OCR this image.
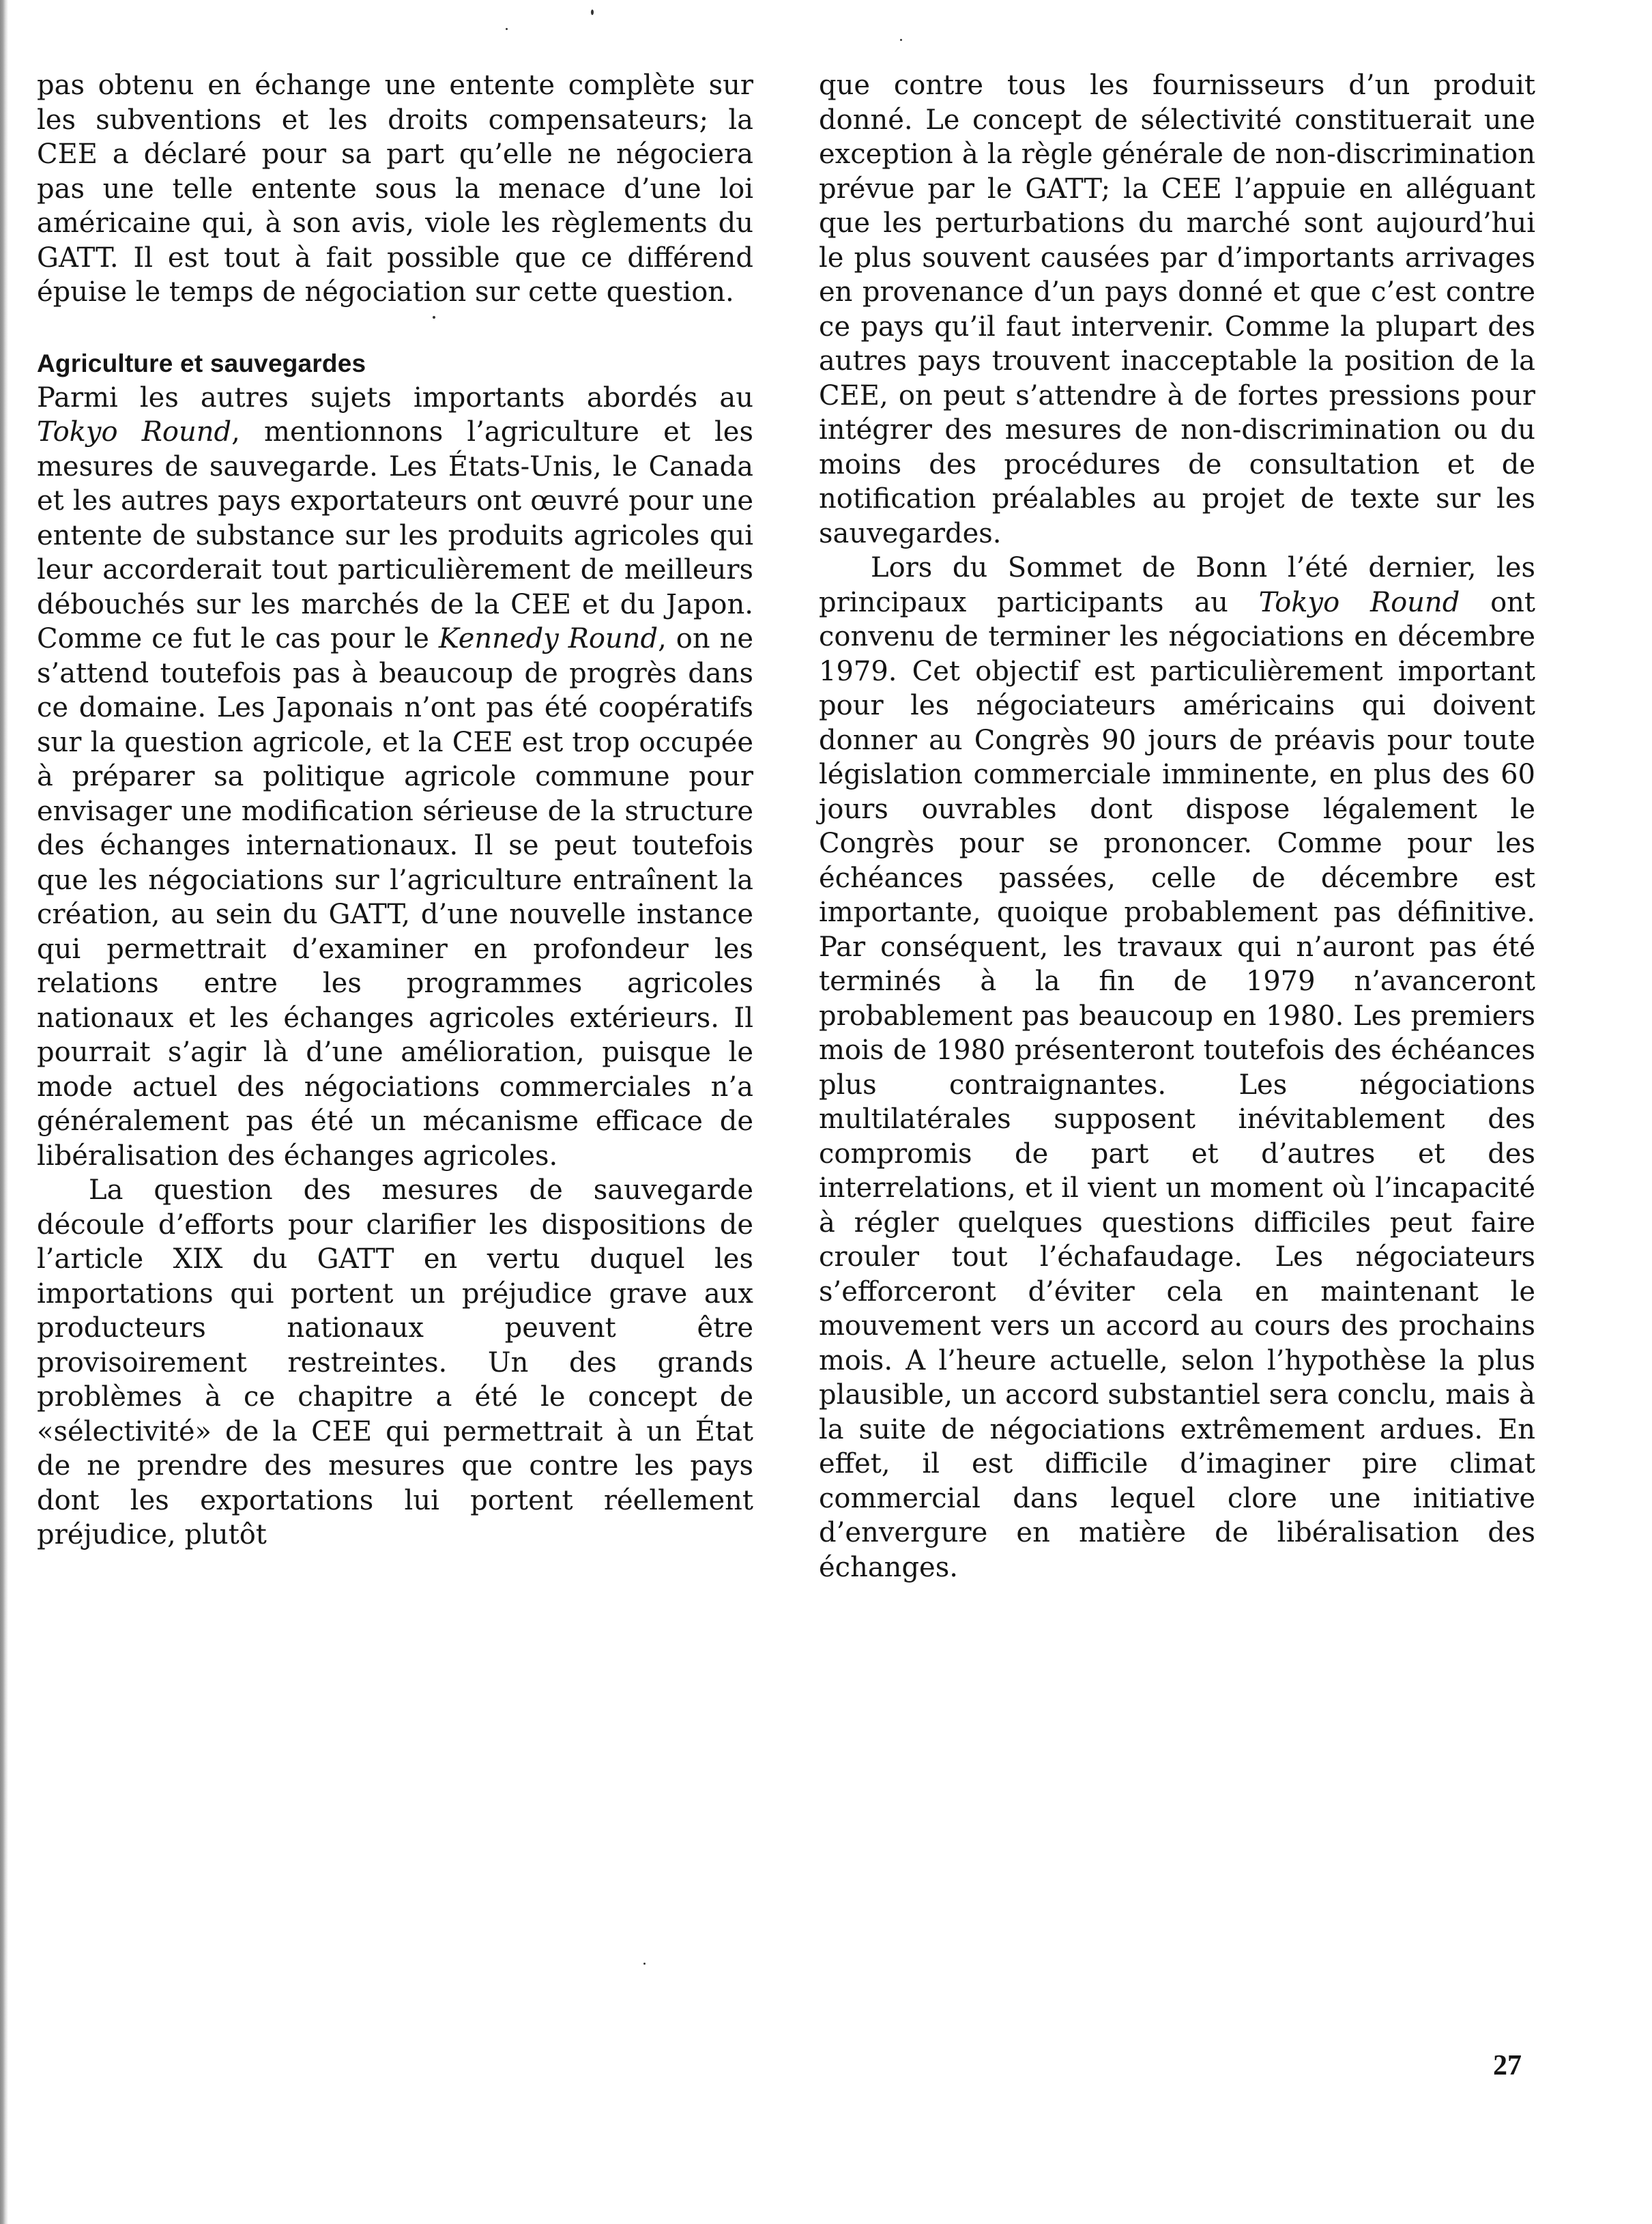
pas obtenu en échange une entente complète sur les subventions et les droits compensateurs; la CEE a déclaré pour sa part qu’elle ne négociera pas une telle entente sous la menace d’une loi américaine qui, à son avis, viole les règlements du GATT. Il est tout à fait possible que ce différend épuise le temps de négociation sur cette question.

Agriculture et sauvegardes

Parmi les autres sujets importants abordés au Tokyo Round, mentionnons l’agriculture et les mesures de sauvegarde. Les États-Unis, le Canada et les autres pays exportateurs ont œuvré pour une entente de substance sur les produits agricoles qui leur accorderait tout particulièrement de meilleurs débouchés sur les marchés de la CEE et du Japon. Comme ce fut le cas pour le Kennedy Round, on ne s’attend toutefois pas à beaucoup de progrès dans ce domaine. Les Japonais n’ont pas été coopératifs sur la question agricole, et la CEE est trop occupée à préparer sa politique agricole commune pour envisager une modification sérieuse de la structure des échanges internationaux. Il se peut toutefois que les négociations sur l’agriculture entraînent la création, au sein du GATT, d’une nouvelle instance qui permettrait d’examiner en profondeur les relations entre les programmes agricoles nationaux et les échanges agricoles extérieurs. Il pourrait s’agir là d’une amélioration, puisque le mode actuel des négociations commerciales n’a généralement pas été un mécanisme efficace de libéralisation des échanges agricoles.

La question des mesures de sauvegarde découle d’efforts pour clarifier les dispositions de l’article XIX du GATT en vertu duquel les importations qui portent un préjudice grave aux producteurs nationaux peuvent être provisoirement restreintes. Un des grands problèmes à ce chapitre a été le concept de «sélectivité» de la CEE qui permettrait à un État de ne prendre des mesures que contre les pays dont les exportations lui portent réellement préjudice, plutôt

que contre tous les fournisseurs d’un produit donné. Le concept de sélectivité constituerait une exception à la règle générale de non-discrimination prévue par le GATT; la CEE l’appuie en alléguant que les perturbations du marché sont aujourd’hui le plus souvent causées par d’importants arrivages en provenance d’un pays donné et que c’est contre ce pays qu’il faut intervenir. Comme la plupart des autres pays trouvent inacceptable la position de la CEE, on peut s’attendre à de fortes pressions pour intégrer des mesures de non-discrimination ou du moins des procédures de consultation et de notification préalables au projet de texte sur les sauvegardes.

Lors du Sommet de Bonn l’été dernier, les principaux participants au Tokyo Round ont convenu de terminer les négociations en décembre 1979. Cet objectif est particulièrement important pour les négociateurs américains qui doivent donner au Congrès 90 jours de préavis pour toute législation commerciale imminente, en plus des 60 jours ouvrables dont dispose légalement le Congrès pour se prononcer. Comme pour les échéances passées, celle de décembre est importante, quoique probablement pas définitive. Par conséquent, les travaux qui n’auront pas été terminés à la fin de 1979 n’avanceront probablement pas beaucoup en 1980. Les premiers mois de 1980 présenteront toutefois des échéances plus contraignantes. Les négociations multilatérales supposent inévitablement des compromis de part et d’autres et des interrelations, et il vient un moment où l’incapacité à régler quelques questions difficiles peut faire crouler tout l’échafaudage. Les négociateurs s’efforceront d’éviter cela en maintenant le mouvement vers un accord au cours des prochains mois. A l’heure actuelle, selon l’hypothèse la plus plausible, un accord substantiel sera conclu, mais à la suite de négociations extrêmement ardues. En effet, il est difficile d’imaginer pire climat commercial dans lequel clore une initiative d’envergure en matière de libéralisation des échanges.

27
